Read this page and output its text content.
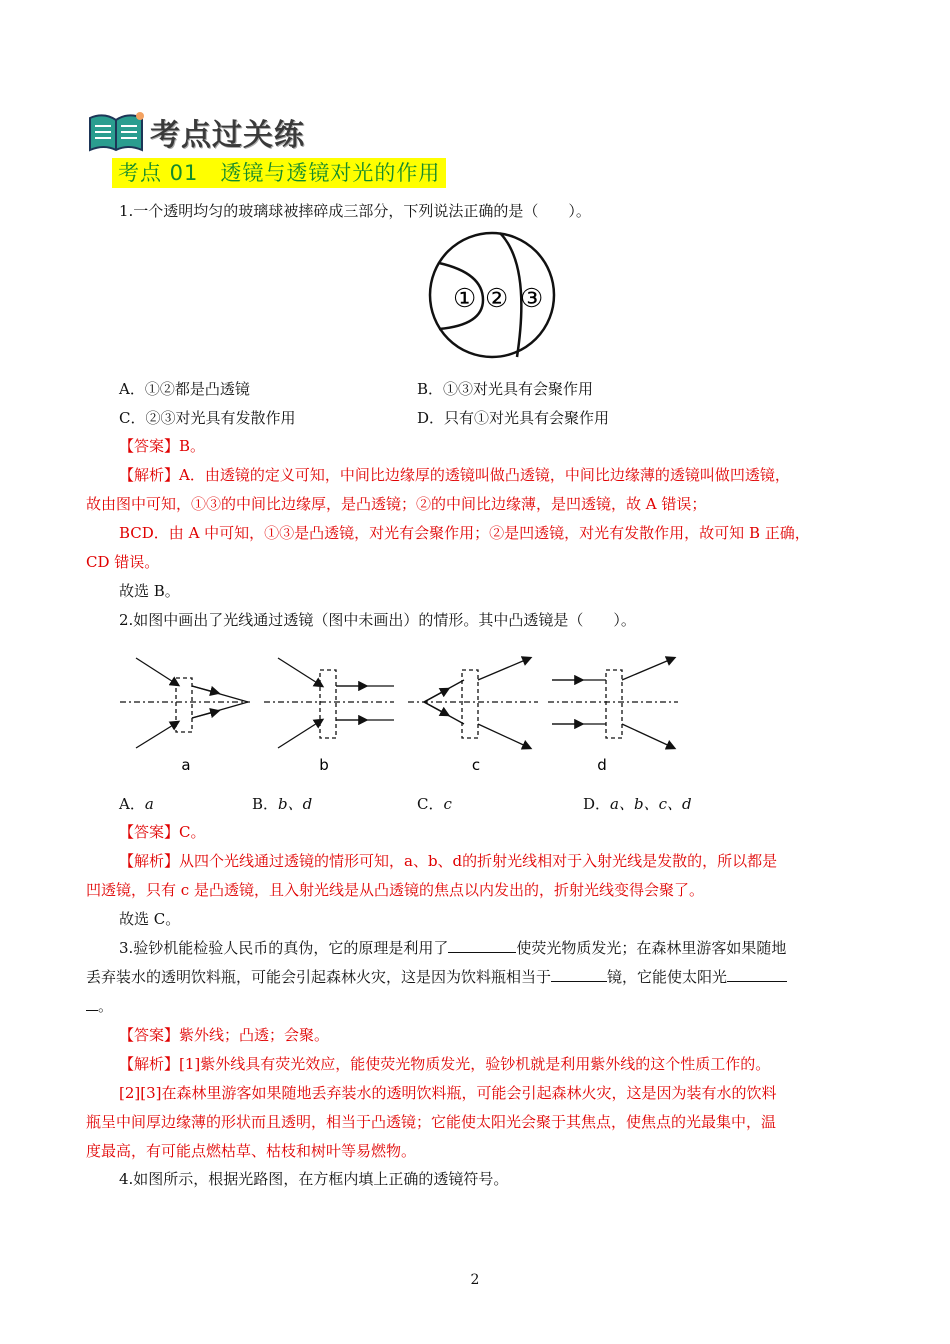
考点过关练
考点 01　透镜与透镜对光的作用
1.一个透明均匀的玻璃球被摔碎成三部分，下列说法正确的是（　　）。
① ② ③
A．①②都是凸透镜	B．①③对光具有会聚作用
C．②③对光具有发散作用	D．只有①对光具有会聚作用
【答案】B。
【解析】A．由透镜的定义可知，中间比边缘厚的透镜叫做凸透镜，中间比边缘薄的透镜叫做凹透镜，
故由图中可知，①③的中间比边缘厚，是凸透镜；②的中间比边缘薄，是凹透镜，故 A 错误；
BCD．由 A 中可知，①③是凸透镜，对光有会聚作用；②是凹透镜，对光有发散作用，故可知 B 正确，
CD 错误。
故选 B。
2.如图中画出了光线通过透镜（图中未画出）的情形。其中凸透镜是（　　）。
a	b	c	d
A．a	B．b、d	C．c	D．a、b、c、d
【答案】C。
【解析】从四个光线通过透镜的情形可知，a、b、d的折射光线相对于入射光线是发散的，所以都是
凹透镜，只有 c 是凸透镜，且入射光线是从凸透镜的焦点以内发出的，折射光线变得会聚了。
故选 C。
3.验钞机能检验人民币的真伪，它的原理是利用了	使荧光物质发光；在森林里游客如果随地
丢弃装水的透明饮料瓶，可能会引起森林火灾，这是因为饮料瓶相当于	镜，它能使太阳光
。
【答案】紫外线；凸透；会聚。
【解析】[1]紫外线具有荧光效应，能使荧光物质发光，验钞机就是利用紫外线的这个性质工作的。
[2][3]在森林里游客如果随地丢弃装水的透明饮料瓶，可能会引起森林火灾，这是因为装有水的饮料
瓶呈中间厚边缘薄的形状而且透明，相当于凸透镜；它能使太阳光会聚于其焦点，使焦点的光最集中，温
度最高，有可能点燃枯草、枯枝和树叶等易燃物。
4.如图所示，根据光路图，在方框内填上正确的透镜符号。
2
